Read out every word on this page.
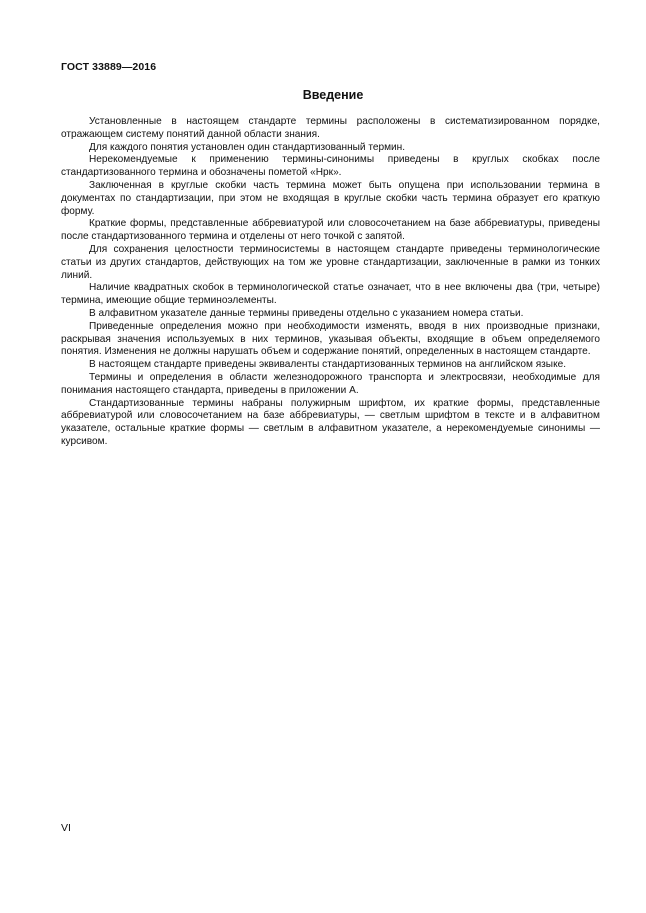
ГОСТ 33889—2016
Введение

Установленные в настоящем стандарте термины расположены в систематизированном порядке, отражающем систему понятий данной области знания.

Для каждого понятия установлен один стандартизованный термин.

Нерекомендуемые к применению термины-синонимы приведены в круглых скобках после стандартизованного термина и обозначены пометой «Нрк».

Заключенная в круглые скобки часть термина может быть опущена при использовании термина в документах по стандартизации, при этом не входящая в круглые скобки часть термина образует его краткую форму.

Краткие формы, представленные аббревиатурой или словосочетанием на базе аббревиатуры, приведены после стандартизованного термина и отделены от него точкой с запятой.

Для сохранения целостности терминосистемы в настоящем стандарте приведены терминологические статьи из других стандартов, действующих на том же уровне стандартизации, заключенные в рамки из тонких линий.

Наличие квадратных скобок в терминологической статье означает, что в нее включены два (три, четыре) термина, имеющие общие терминоэлементы.

В алфавитном указателе данные термины приведены отдельно с указанием номера статьи.

Приведенные определения можно при необходимости изменять, вводя в них производные признаки, раскрывая значения используемых в них терминов, указывая объекты, входящие в объем определяемого понятия. Изменения не должны нарушать объем и содержание понятий, определенных в настоящем стандарте.

В настоящем стандарте приведены эквиваленты стандартизованных терминов на английском языке.

Термины и определения в области железнодорожного транспорта и электросвязи, необходимые для понимания настоящего стандарта, приведены в приложении А.

Стандартизованные термины набраны полужирным шрифтом, их краткие формы, представленные аббревиатурой или словосочетанием на базе аббревиатуры, — светлым шрифтом в тексте и в алфавитном указателе, остальные краткие формы — светлым в алфавитном указателе, а нерекомендуемые синонимы — курсивом.

VI
